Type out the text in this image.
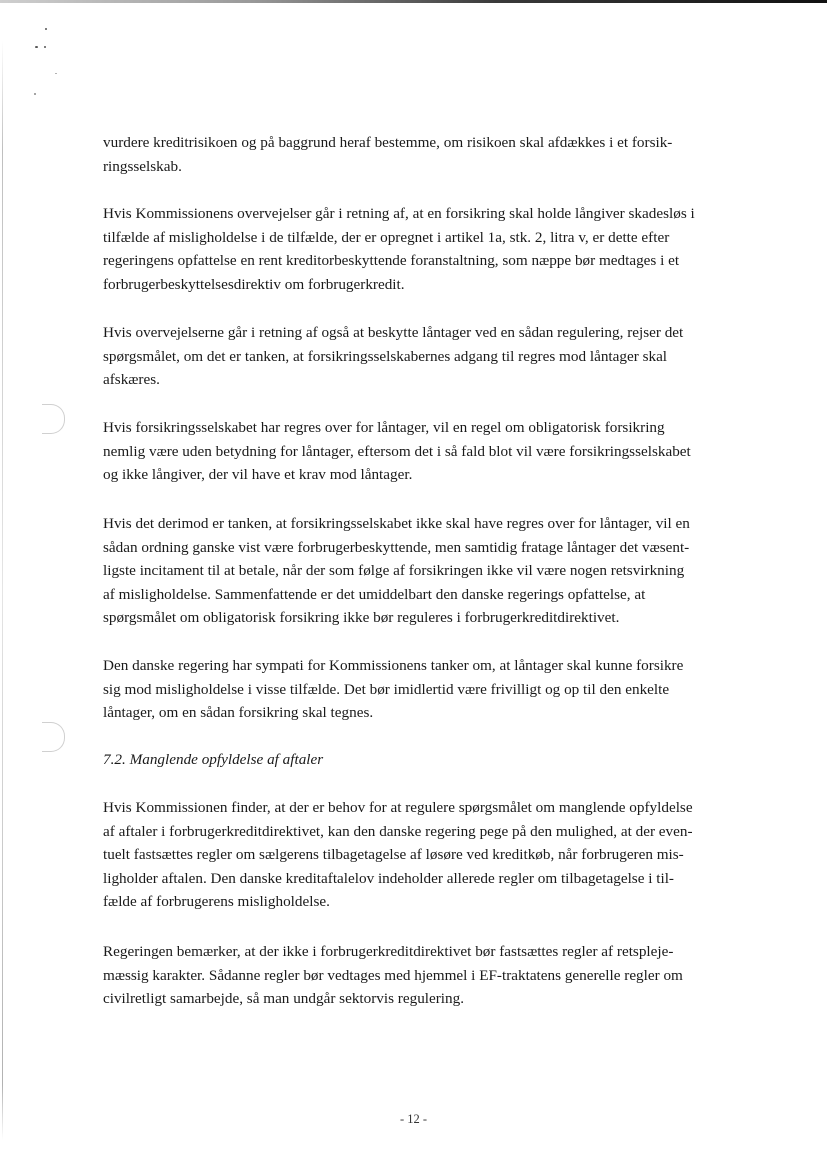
vurdere kreditrisikoen og på baggrund heraf bestemme, om risikoen skal afdækkes i et forsik-
ringsselskab.

Hvis Kommissionens overvejelser går i retning af, at en forsikring skal holde långiver skadesløs i
tilfælde af misligholdelse i de tilfælde, der er opregnet i artikel 1a, stk. 2, litra v, er dette efter
regeringens opfattelse en rent kreditorbeskyttende foranstaltning, som næppe bør medtages i et
forbrugerbeskyttelsesdirektiv om forbrugerkredit.

Hvis overvejelserne går i retning af også at beskytte låntager ved en sådan regulering, rejser det
spørgsmålet, om det er tanken, at forsikringsselskabernes adgang til regres mod låntager skal
afskæres.

Hvis forsikringsselskabet har regres over for låntager, vil en regel om obligatorisk forsikring
nemlig være uden betydning for låntager, eftersom det i så fald blot vil være forsikringsselskabet
og ikke långiver, der vil have et krav mod låntager.

Hvis det derimod er tanken, at forsikringsselskabet ikke skal have regres over for låntager, vil en
sådan ordning ganske vist være forbrugerbeskyttende, men samtidig fratage låntager det væsent-
ligste incitament til at betale, når der som følge af forsikringen ikke vil være nogen retsvirkning
af misligholdelse. Sammenfattende er det umiddelbart den danske regerings opfattelse, at
spørgsmålet om obligatorisk forsikring ikke bør reguleres i forbrugerkreditdirektivet.

Den danske regering har sympati for Kommissionens tanker om, at låntager skal kunne forsikre
sig mod misligholdelse i visse tilfælde. Det bør imidlertid være frivilligt og op til den enkelte
låntager, om en sådan forsikring skal tegnes.

7.2. Manglende opfyldelse af aftaler

Hvis Kommissionen finder, at der er behov for at regulere spørgsmålet om manglende opfyldelse
af aftaler i forbrugerkreditdirektivet, kan den danske regering pege på den mulighed, at der even-
tuelt fastsættes regler om sælgerens tilbagetagelse af løsøre ved kreditkøb, når forbrugeren mis-
ligholder aftalen. Den danske kreditaftalelov indeholder allerede regler om tilbagetagelse i til-
fælde af forbrugerens misligholdelse.

Regeringen bemærker, at der ikke i forbrugerkreditdirektivet bør fastsættes regler af retspleje-
mæssig karakter. Sådanne regler bør vedtages med hjemmel i EF-traktatens generelle regler om
civilretligt samarbejde, så man undgår sektorvis regulering.

- 12 -
